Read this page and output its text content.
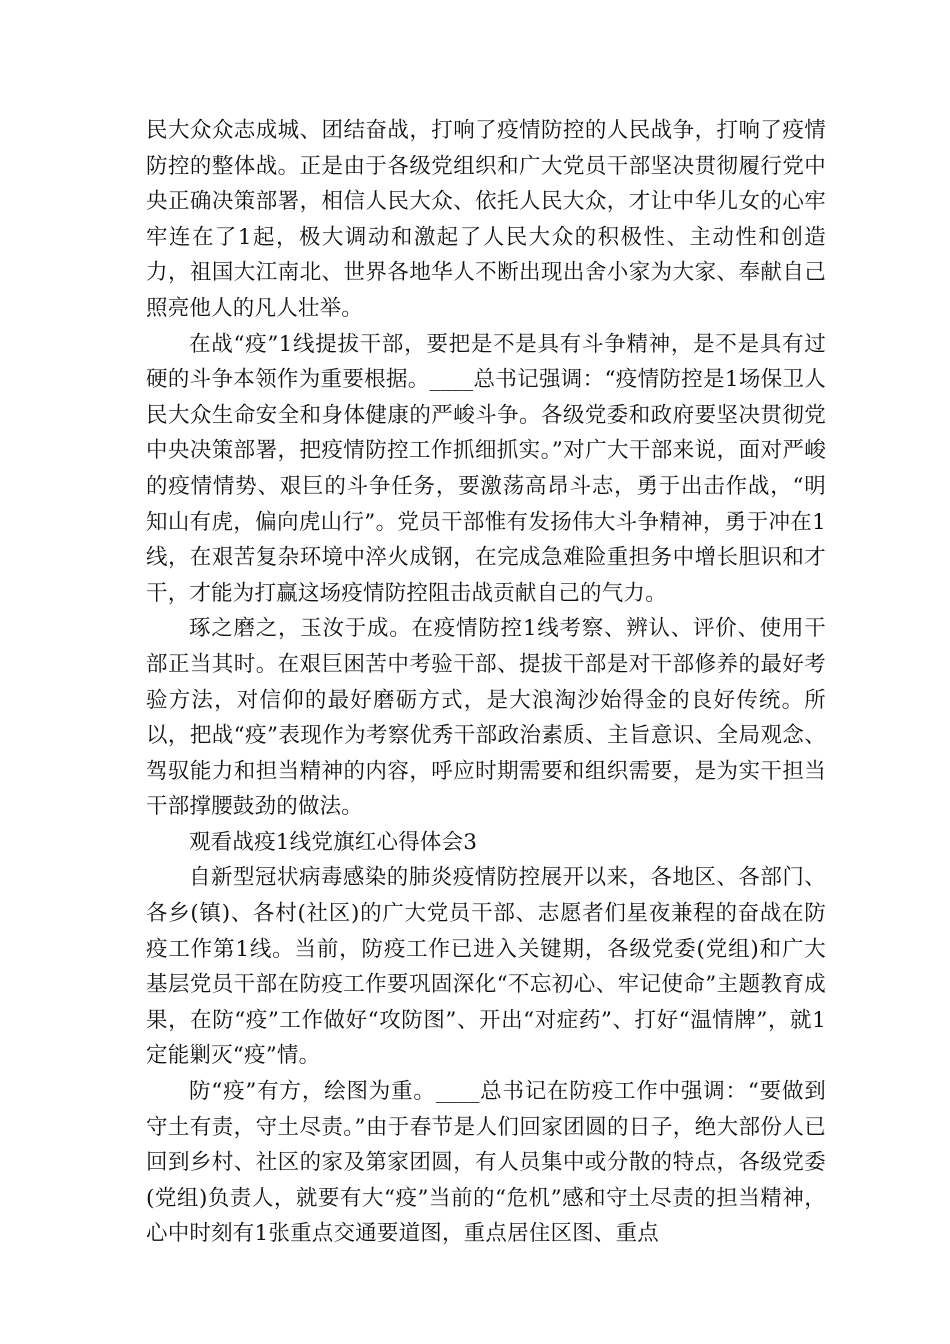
民大众众志成城、团结奋战，打响了疫情防控的人民战争，打响了疫情防控的整体战。正是由于各级党组织和广大党员干部坚决贯彻履行党中央正确决策部署，相信人民大众、依托人民大众，才让中华儿女的心牢牢连在了1起，极大调动和激起了人民大众的积极性、主动性和创造力，祖国大江南北、世界各地华人不断出现出舍小家为大家、奉献自己照亮他人的凡人壮举。

在战“疫”1线提拔干部，要把是不是具有斗争精神，是不是具有过硬的斗争本领作为重要根据。____总书记强调：“疫情防控是1场保卫人民大众生命安全和身体健康的严峻斗争。各级党委和政府要坚决贯彻党中央决策部署，把疫情防控工作抓细抓实。”对广大干部来说，面对严峻的疫情情势、艰巨的斗争任务，要激荡高昂斗志，勇于出击作战，“明知山有虎，偏向虎山行”。党员干部惟有发扬伟大斗争精神，勇于冲在1线，在艰苦复杂环境中淬火成钢，在完成急难险重担务中增长胆识和才干，才能为打赢这场疫情防控阻击战贡献自己的气力。

琢之磨之，玉汝于成。在疫情防控1线考察、辨认、评价、使用干部正当其时。在艰巨困苦中考验干部、提拔干部是对干部修养的最好考验方法，对信仰的最好磨砺方式，是大浪淘沙始得金的良好传统。所以，把战“疫”表现作为考察优秀干部政治素质、主旨意识、全局观念、驾驭能力和担当精神的内容，呼应时期需要和组织需要，是为实干担当干部撑腰鼓劲的做法。

观看战疫1线党旗红心得体会3

自新型冠状病毒感染的肺炎疫情防控展开以来，各地区、各部门、各乡(镇)、各村(社区)的广大党员干部、志愿者们星夜兼程的奋战在防疫工作第1线。当前，防疫工作已进入关键期，各级党委(党组)和广大基层党员干部在防疫工作要巩固深化“不忘初心、牢记使命”主题教育成果，在防“疫”工作做好“攻防图”、开出“对症药”、打好“温情牌”，就1定能剿灭“疫”情。

防“疫”有方，绘图为重。____总书记在防疫工作中强调：“要做到守土有责，守土尽责。”由于春节是人们回家团圆的日子，绝大部份人已回到乡村、社区的家及第家团圆，有人员集中或分散的特点，各级党委(党组)负责人，就要有大“疫”当前的“危机”感和守土尽责的担当精神，心中时刻有1张重点交通要道图，重点居住区图、重点
